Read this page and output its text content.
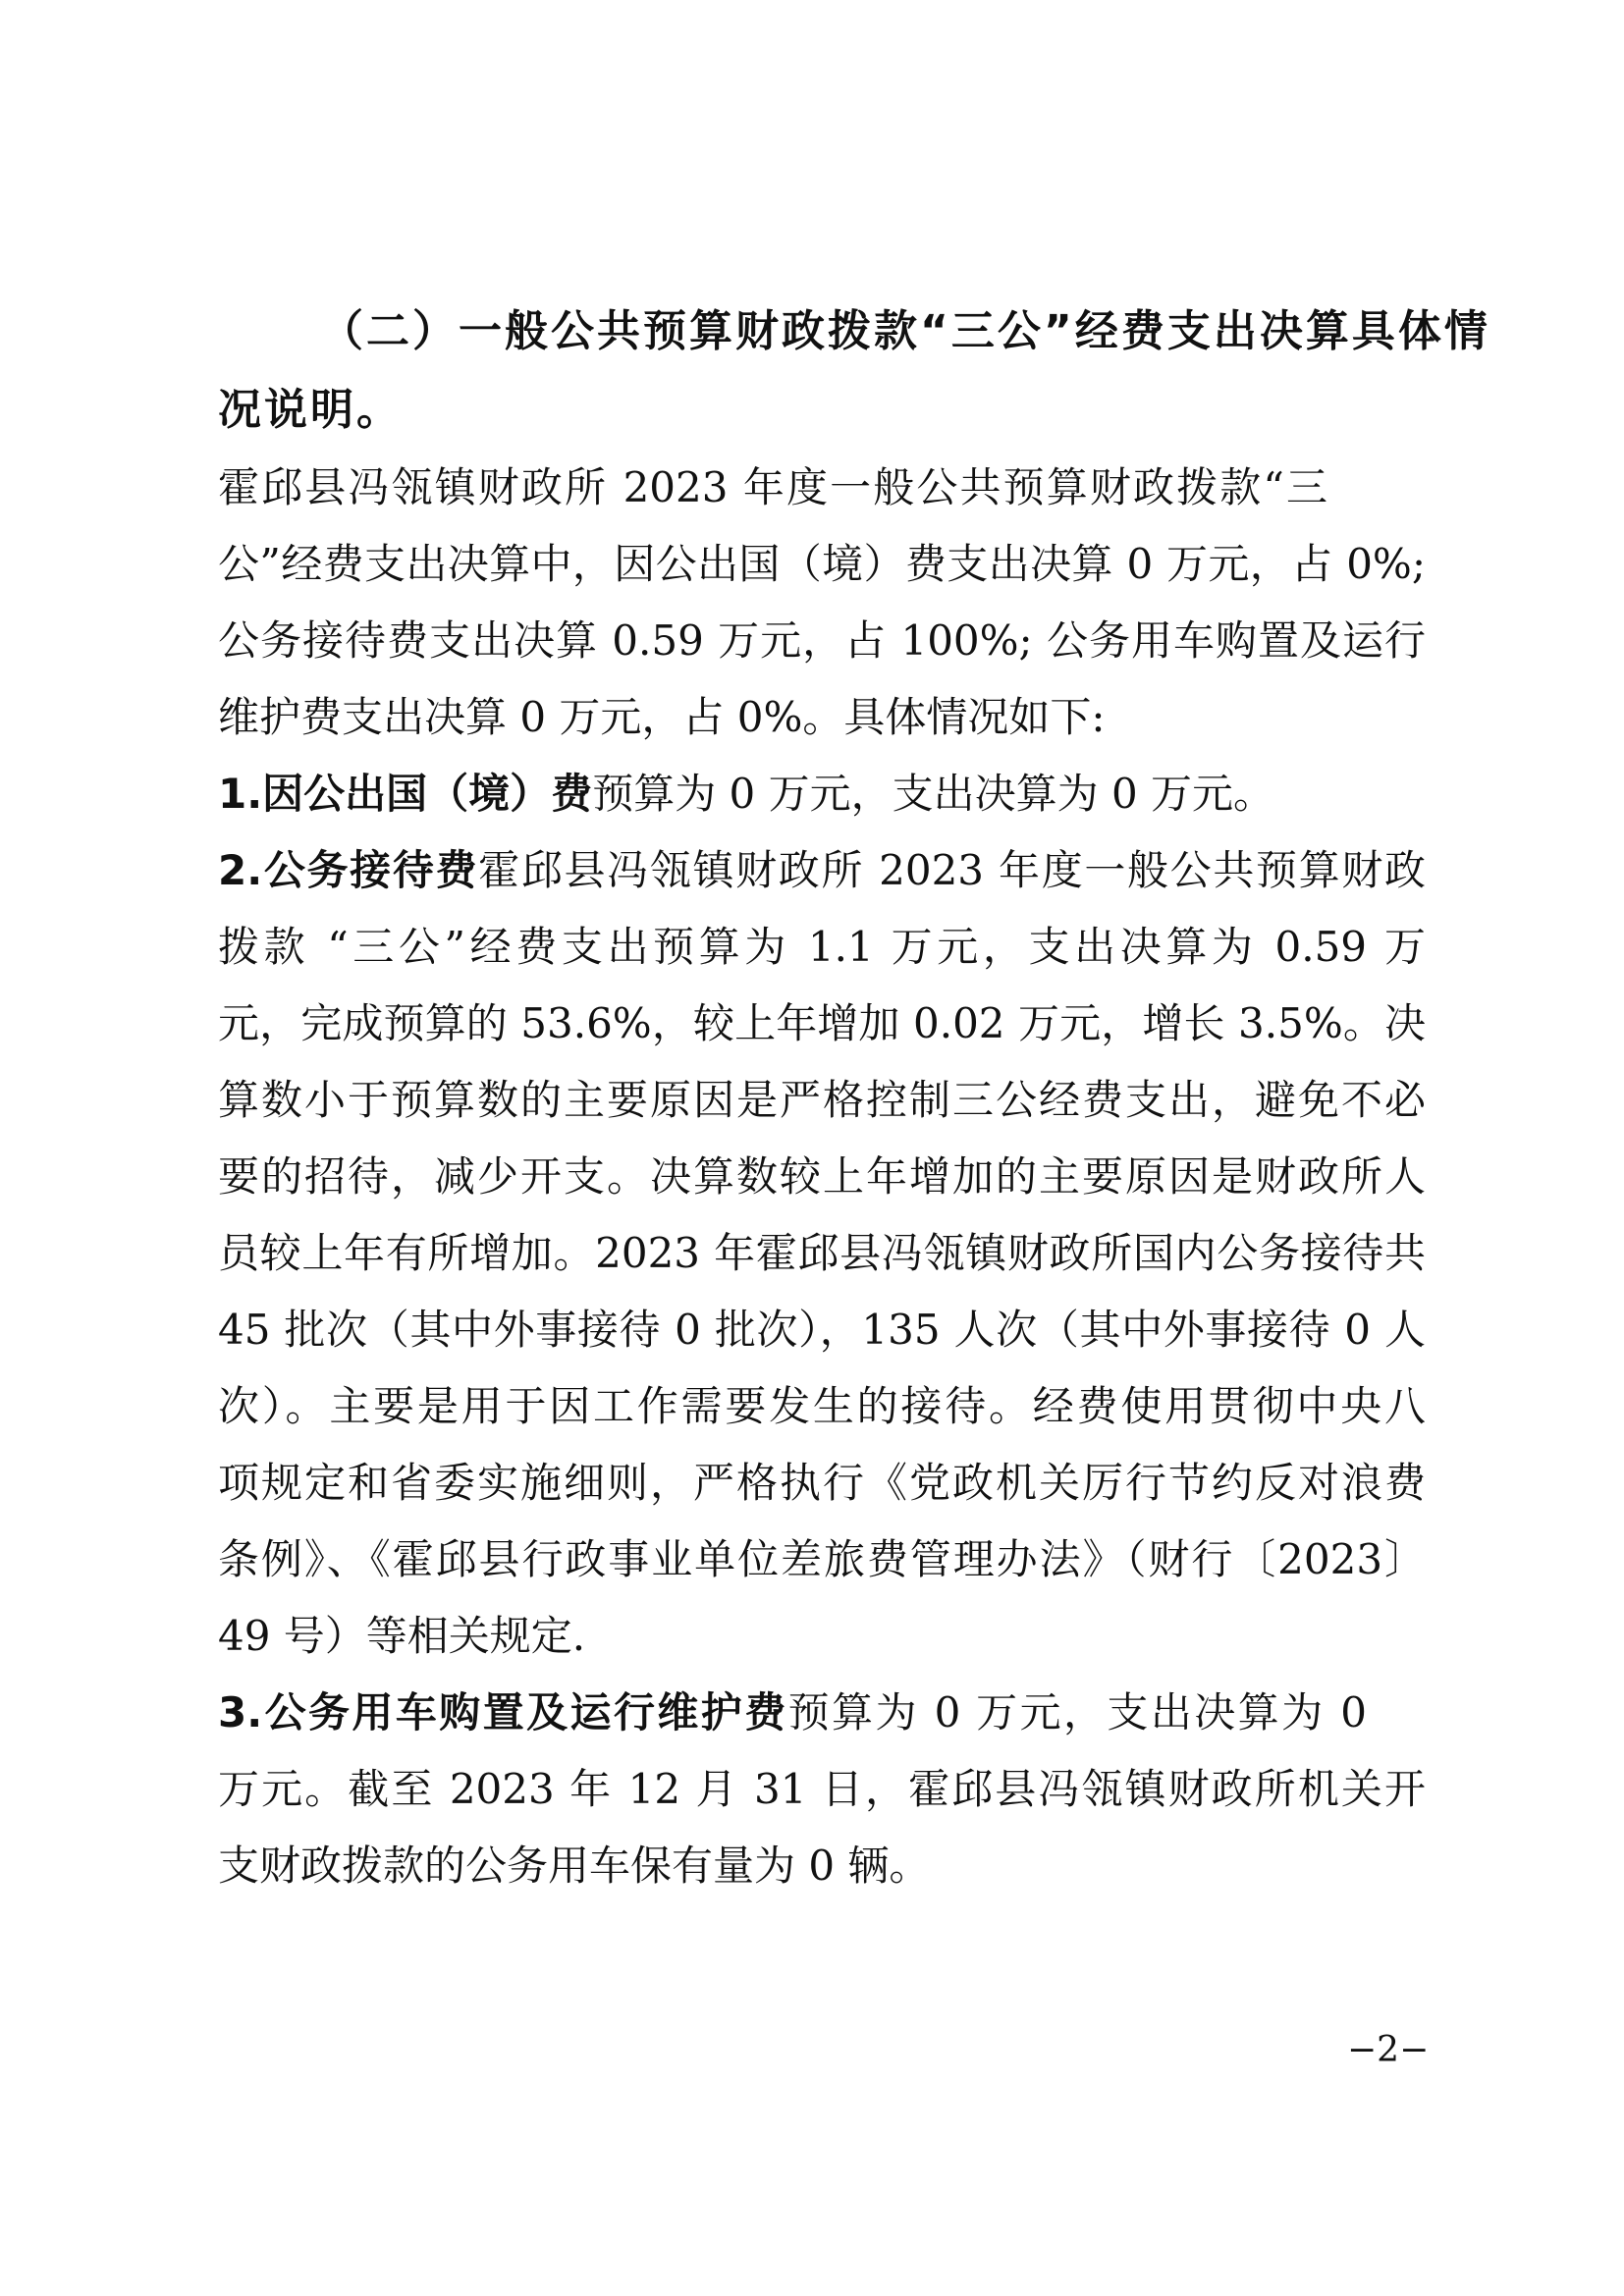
（二）一般公共预算财政拨款“三公”经费支出决算具体情
况说明。
霍邱县冯瓴镇财政所 2023 年度一般公共预算财政拨款“三
公”经费支出决算中，因公出国（境）费支出决算 0 万元，占 0%;
公务接待费支出决算 0.59 万元，占 100%; 公务用车购置及运行
维护费支出决算 0 万元，占 0%。具体情况如下:
1.因公出国（境）费预算为 0 万元，支出决算为 0 万元。
2.公务接待费霍邱县冯瓴镇财政所 2023 年度一般公共预算财政
拨款 “三公”经费支出预算为 1.1 万元，支出决算为 0.59 万
元，完成预算的 53.6%，较上年增加 0.02 万元，增长 3.5%。决
算数小于预算数的主要原因是严格控制三公经费支出，避免不必
要的招待，减少开支。决算数较上年增加的主要原因是财政所人
员较上年有所增加。2023 年霍邱县冯瓴镇财政所国内公务接待共
45 批次（其中外事接待 0 批次），135 人次（其中外事接待 0 人
次）。主要是用于因工作需要发生的接待。经费使用贯彻中央八
项规定和省委实施细则，严格执行《党政机关厉行节约反对浪费
条例》、《霍邱县行政事业单位差旅费管理办法》（财行〔2023〕
49 号）等相关规定.
3.公务用车购置及运行维护费预算为 0 万元，支出决算为 0
万元。截至 2023 年 12 月 31 日，霍邱县冯瓴镇财政所机关开
支财政拨款的公务用车保有量为 0 辆。
−2−
